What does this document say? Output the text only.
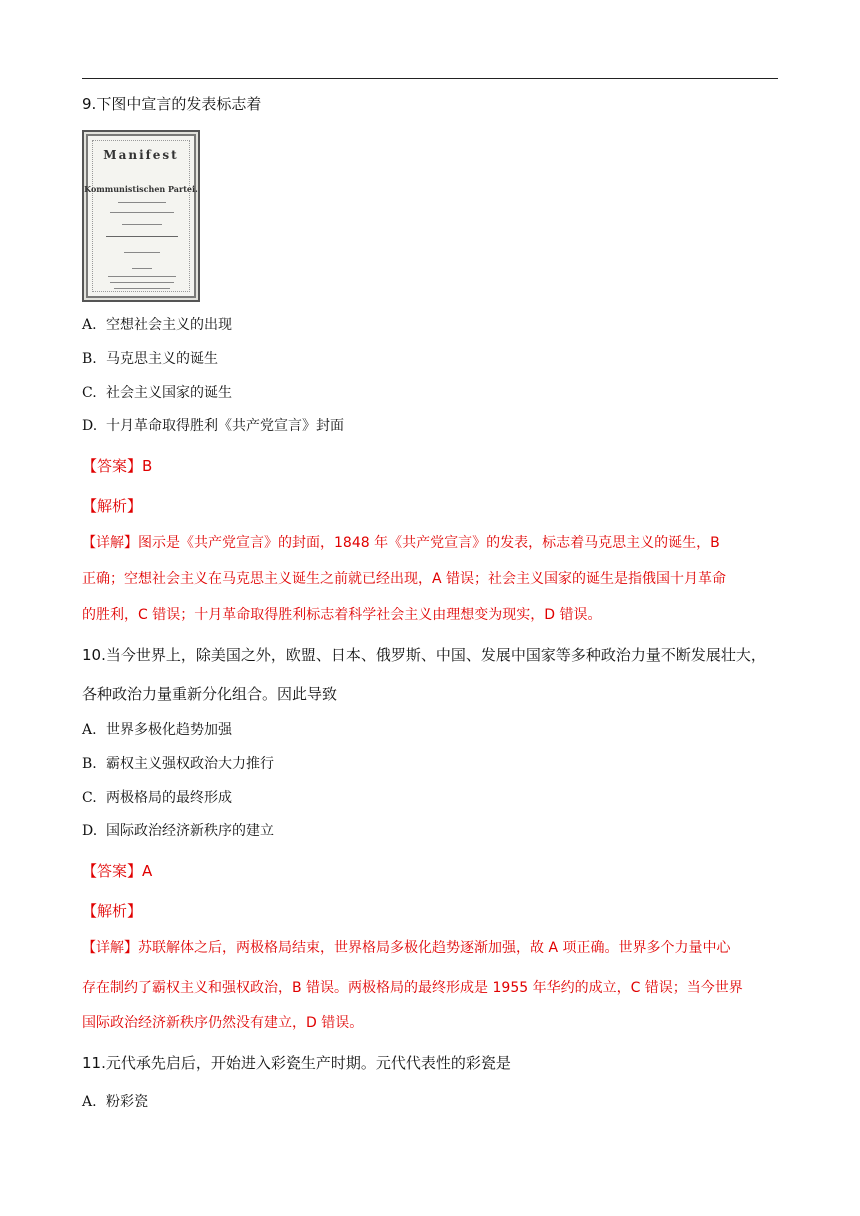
9.下图中宣言的发表标志着
Manifest
Kommunistischen Partei.
A. 空想社会主义的出现
B. 马克思主义的诞生
C. 社会主义国家的诞生
D. 十月革命取得胜利《共产党宣言》封面
【答案】B
【解析】
【详解】图示是《共产党宣言》的封面，1848 年《共产党宣言》的发表，标志着马克思主义的诞生，B
正确；空想社会主义在马克思主义诞生之前就已经出现，A 错误；社会主义国家的诞生是指俄国十月革命
的胜利，C 错误；十月革命取得胜利标志着科学社会主义由理想变为现实，D 错误。
10.当今世界上，除美国之外，欧盟、日本、俄罗斯、中国、发展中国家等多种政治力量不断发展壮大，
各种政治力量重新分化组合。因此导致
A. 世界多极化趋势加强
B. 霸权主义强权政治大力推行
C. 两极格局的最终形成
D. 国际政治经济新秩序的建立
【答案】A
【解析】
【详解】苏联解体之后，两极格局结束，世界格局多极化趋势逐渐加强，故 A 项正确。世界多个力量中心
存在制约了霸权主义和强权政治，B 错误。两极格局的最终形成是 1955 年华约的成立，C 错误；当今世界
国际政治经济新秩序仍然没有建立，D 错误。
11.元代承先启后，开始进入彩瓷生产时期。元代代表性的彩瓷是
A. 粉彩瓷
